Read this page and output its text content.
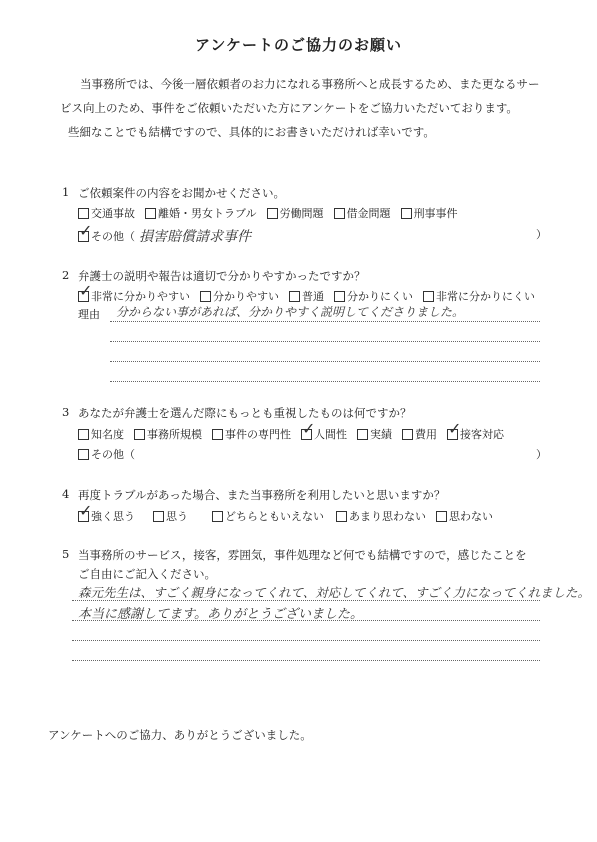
アンケートのご協力のお願い
当事務所では、今後一層依頼者のお力になれる事務所へと成長するため、また更なるサー
ビス向上のため、事件をご依頼いただいた方にアンケートをご協力いただいております。
些細なことでも結構ですので、具体的にお書きいただければ幸いです。
1 ご依頼案件の内容をお聞かせください。
交通事故 離婚・男女トラブル 労働問題 借金問題 刑事事件
✓
その他（ 損害賠償請求事件	）
2 弁護士の説明や報告は適切で分かりやすかったですか？
✓
非常に分かりやすい 分かりやすい 普通 分かりにくい 非常に分かりにくい
理由 分からない事があれば、分かりやすく説明してくださりました。
3 あなたが弁護士を選んだ際にもっとも重視したものは何ですか？
知名度 事務所規模 事件の専門性 ✓ 人間性 実績 費用 ✓ 接客対応
その他（	）
4 再度トラブルがあった場合、また当事務所を利用したいと思いますか？
✓
強く思う	思う	どちらともいえない あまり思わない 思わない
5 当事務所のサービス，接客，雰囲気，事件処理など何でも結構ですので，感じたことを
ご自由にご記入ください。
森元先生は、すごく親身になってくれて、対応してくれて、すごく力になってくれました。
本当に感謝してます。ありがとうございました。
アンケートへのご協力、ありがとうございました。
